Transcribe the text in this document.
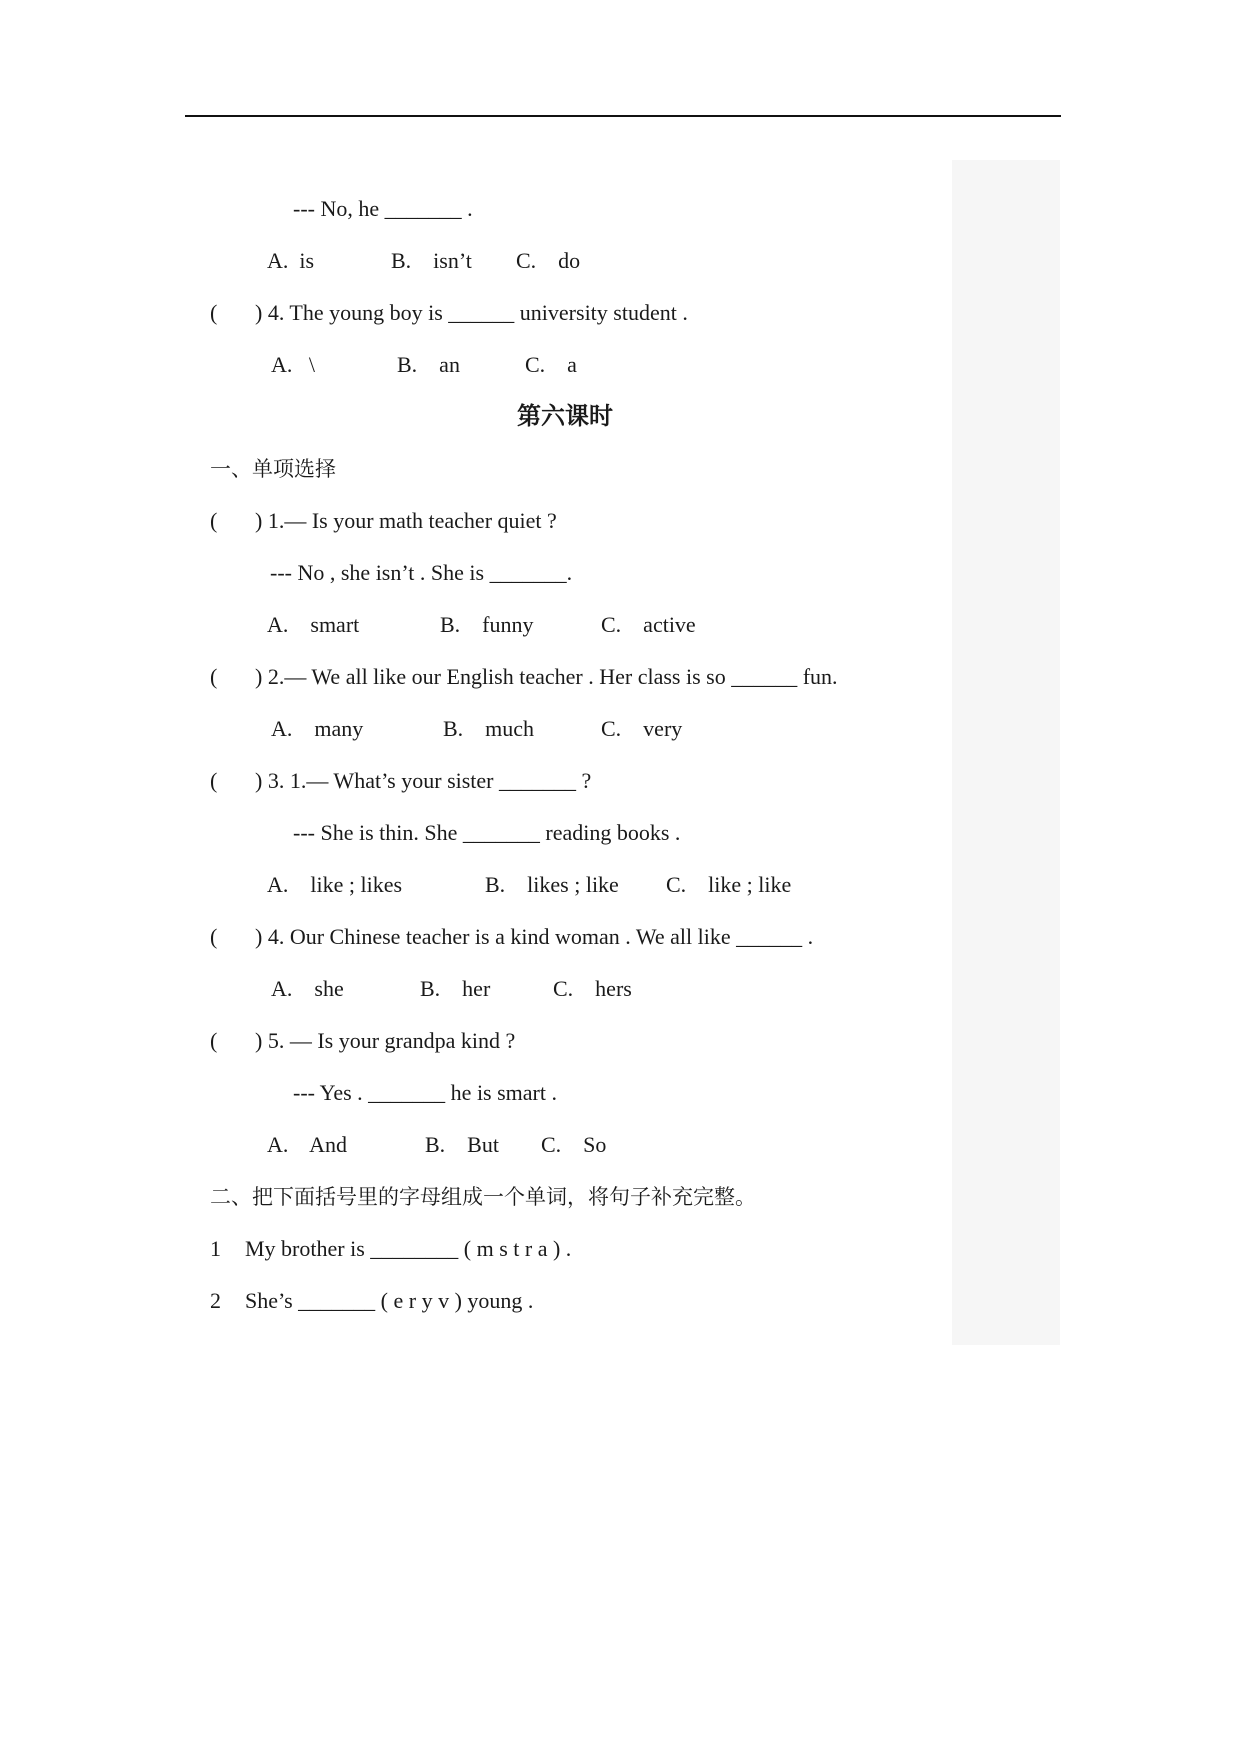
--- No, he _______ .
A.  is	B.    isn’t C.    do
( ) 4. The young boy is ______ university student .
A.   \	B.    an	C.    a
第六课时
一、单项选择
( ) 1.— Is your math teacher quiet ?
--- No , she isn’t . She is _______.
A.    smart	B.    funny	C.    active
( ) 2.— We all like our English teacher . Her class is so ______ fun.
A.    many	B.    much	C.    very
( ) 3. 1.— What’s your sister _______ ?
--- She is thin. She _______ reading books .
A.    like ; likes	B.    likes ; like C.    like ; like
( ) 4. Our Chinese teacher is a kind woman . We all like ______ .
A.    she	B.    her	C.    hers
( ) 5. — Is your grandpa kind ?
--- Yes . _______ he is smart .
A.    And	B.    But C.    So
二、把下面括号里的字母组成一个单词，将句子补充完整。
1 My brother is ________ ( m s t r a ) .
2 She’s _______ ( e r y v ) young .
